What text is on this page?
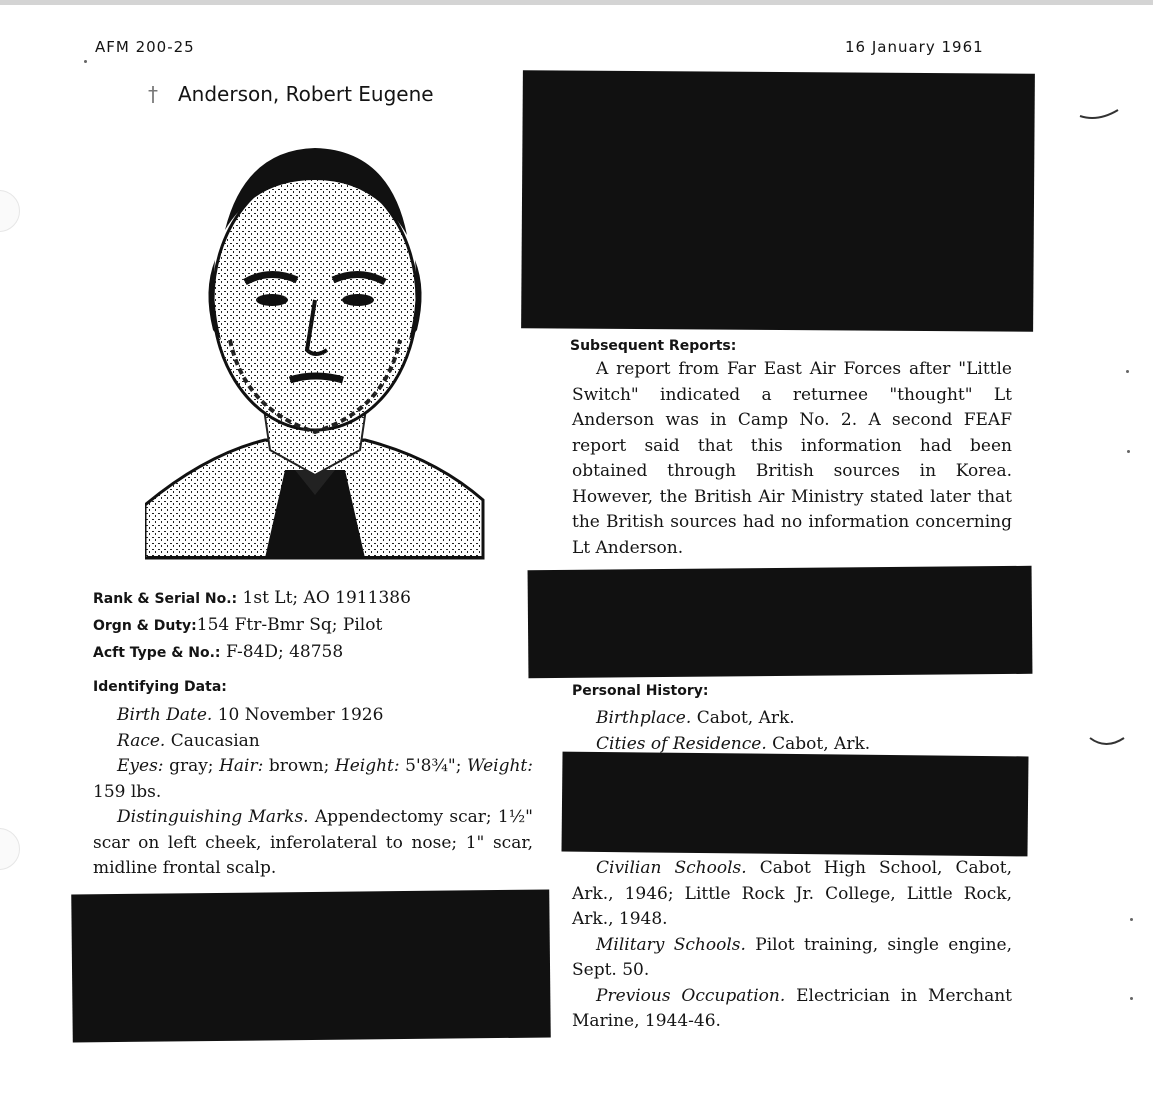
AFM 200-25	16 January 1961
† Anderson, Robert Eugene
Rank & Serial No.: 1st Lt; AO 1911386
Orgn & Duty:154 Ftr-Bmr Sq; Pilot
Acft Type & No.: F-84D; 48758
Identifying Data:

Birth Date. 10 November 1926

Race. Caucasian

Eyes: gray; Hair: brown; Height: 5'8¾"; Weight: 159 lbs.

Distinguishing Marks. Appendectomy scar; 1½" scar on left cheek, inferolateral to nose; 1" scar, midline frontal scalp.

Subsequent Reports:

A report from Far East Air Forces after "Little Switch" indicated a returnee "thought" Lt Anderson was in Camp No. 2. A second FEAF report said that this information had been obtained through British sources in Korea. However, the British Air Ministry stated later that the British sources had no information concerning Lt Anderson.

Personal History:

Birthplace. Cabot, Ark.

Cities of Residence. Cabot, Ark.

Civilian Schools. Cabot High School, Cabot, Ark., 1946; Little Rock Jr. College, Little Rock, Ark., 1948.

Military Schools. Pilot training, single engine, Sept. 50.

Previous Occupation. Electrician in Merchant Marine, 1944-46.
